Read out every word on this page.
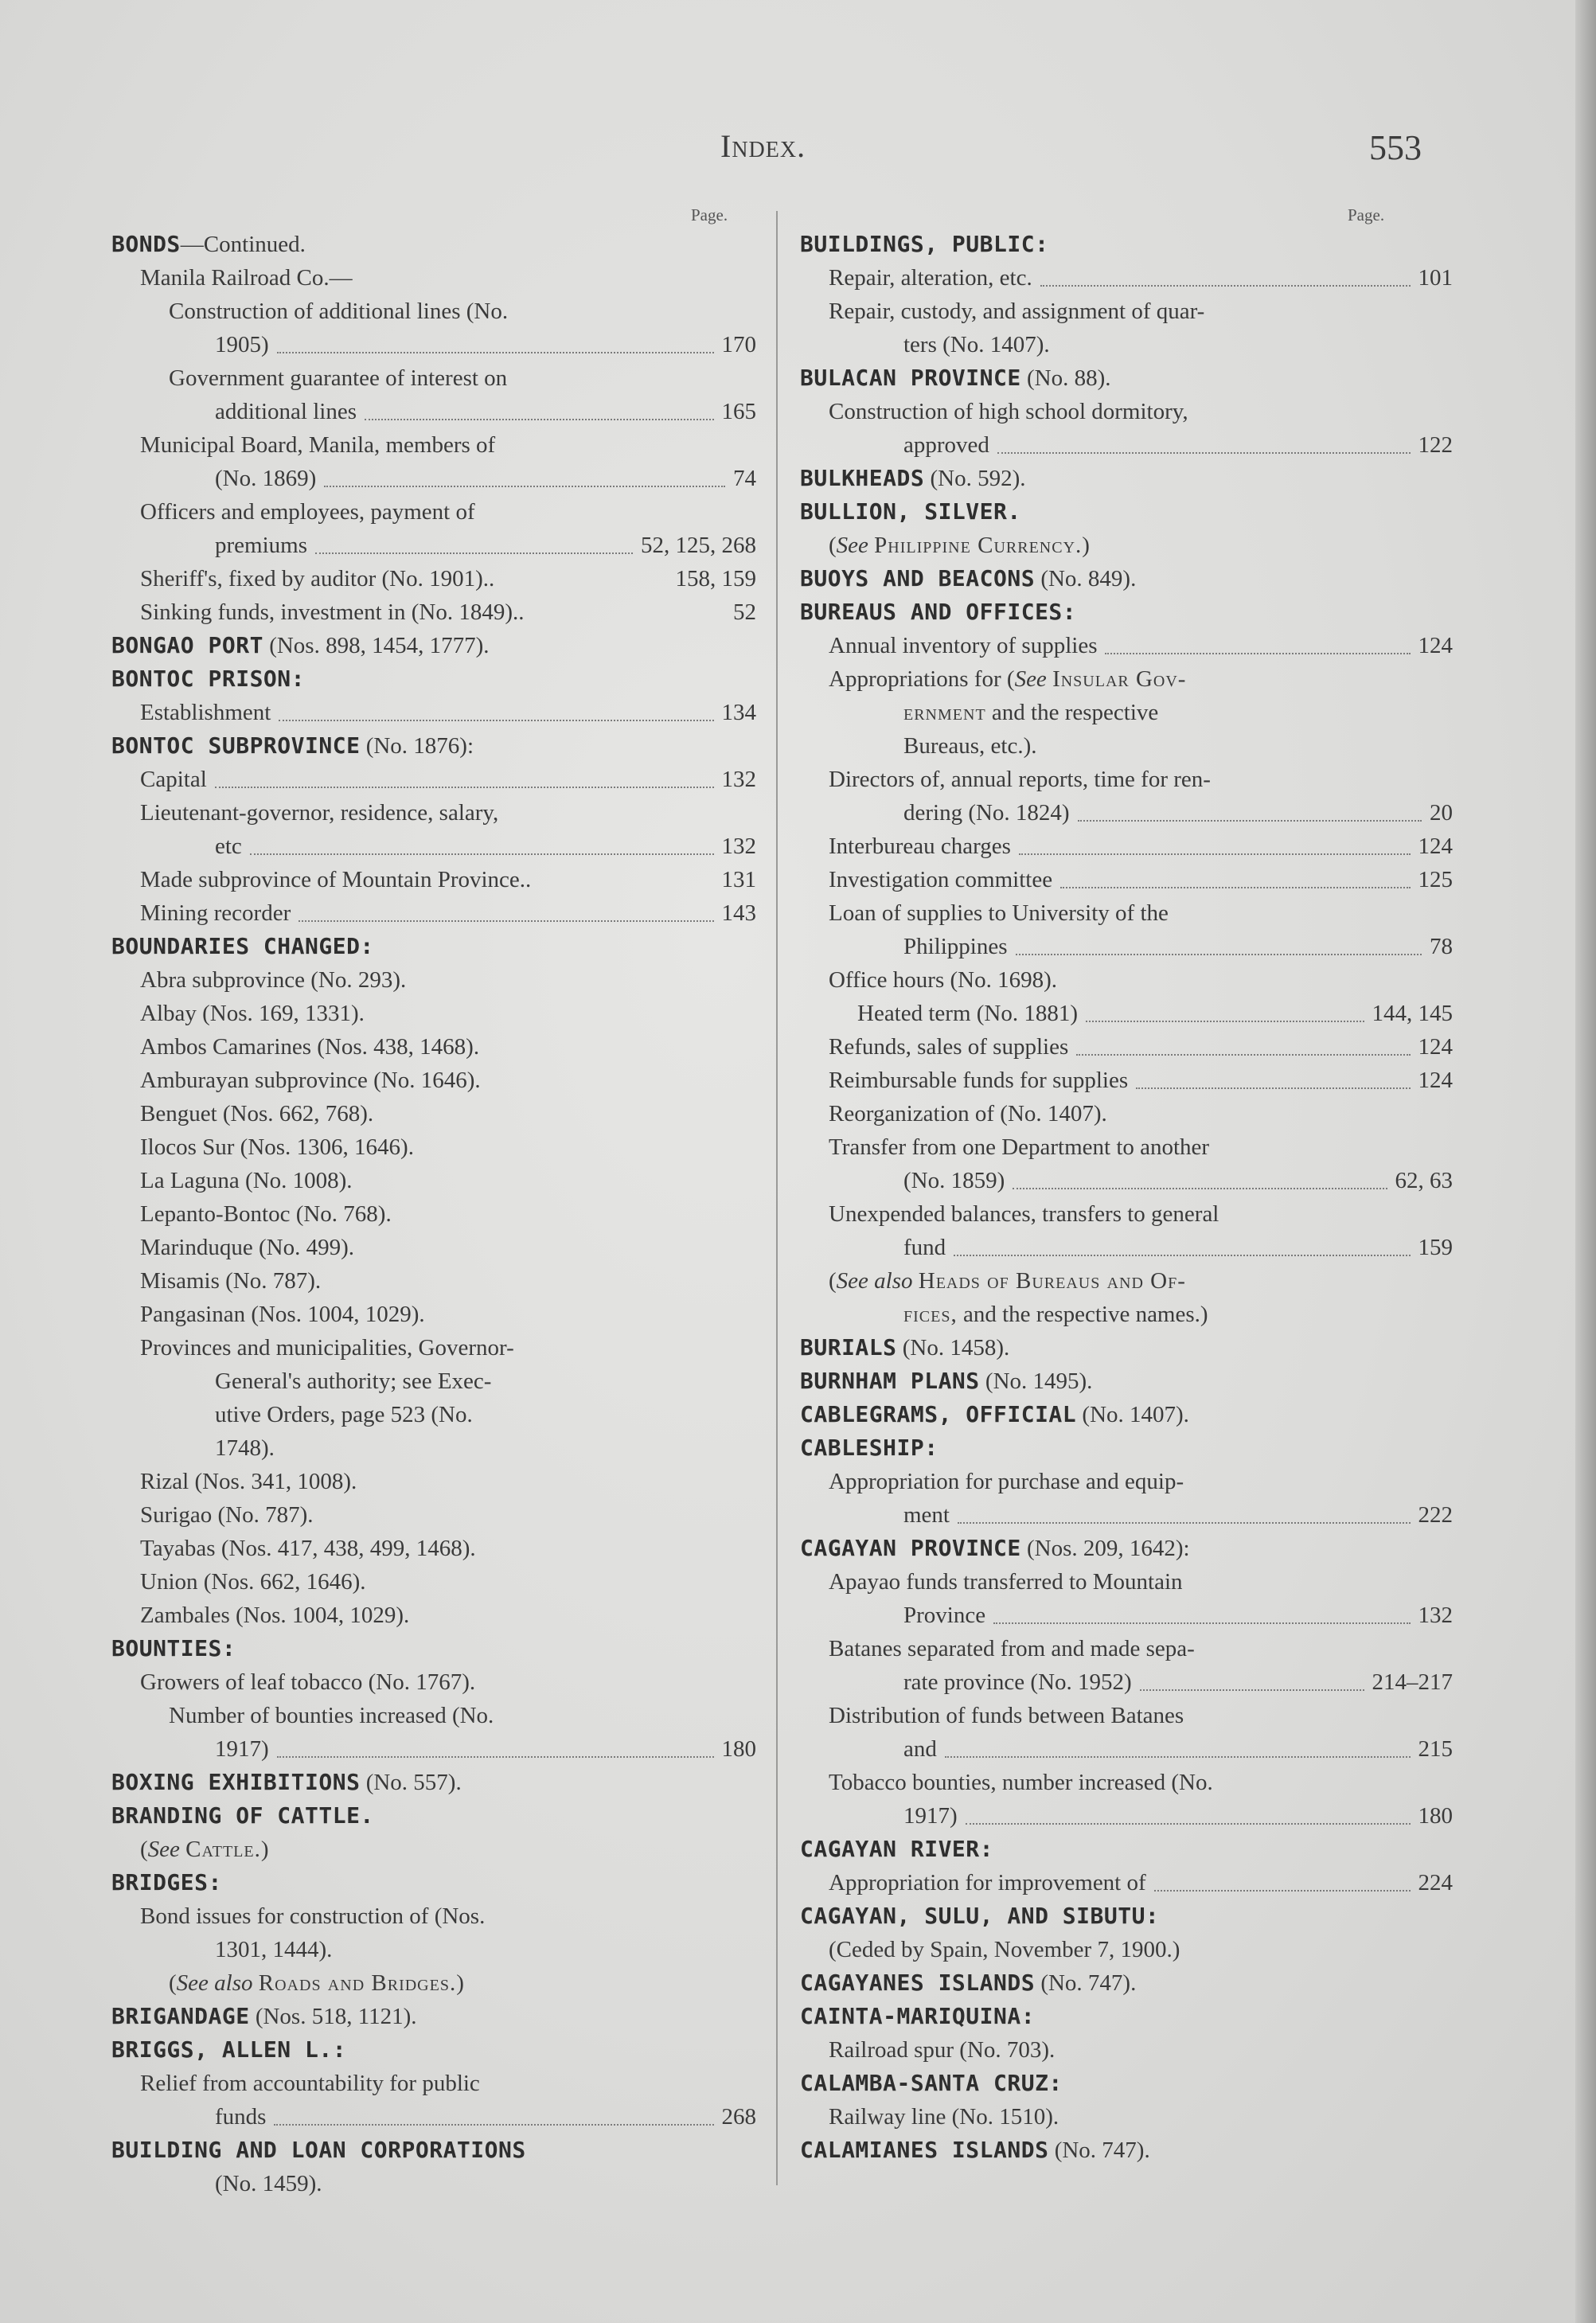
Index.	553
Page.	Page.
BONDS—Continued.
Manila Railroad Co.—
Construction of additional lines (No.
1905)	170
Government guarantee of interest on
additional lines	165
Municipal Board, Manila, members of
(No. 1869)	74
Officers and employees, payment of
premiums	52, 125, 268
Sheriff's, fixed by auditor (No. 1901)..	158, 159
Sinking funds, investment in (No. 1849)..	52
BONGAO PORT (Nos. 898, 1454, 1777).
BONTOC PRISON:
Establishment	134
BONTOC SUBPROVINCE (No. 1876):
Capital	132
Lieutenant-governor, residence, salary,
etc	132
Made subprovince of Mountain Province..	131
Mining recorder	143
BOUNDARIES CHANGED:
Abra subprovince (No. 293).
Albay (Nos. 169, 1331).
Ambos Camarines (Nos. 438, 1468).
Amburayan subprovince (No. 1646).
Benguet (Nos. 662, 768).
Ilocos Sur (Nos. 1306, 1646).
La Laguna (No. 1008).
Lepanto-Bontoc (No. 768).
Marinduque (No. 499).
Misamis (No. 787).
Pangasinan (Nos. 1004, 1029).
Provinces and municipalities, Governor-
General's authority; see Exec-
utive Orders, page 523 (No.
1748).
Rizal (Nos. 341, 1008).
Surigao (No. 787).
Tayabas (Nos. 417, 438, 499, 1468).
Union (Nos. 662, 1646).
Zambales (Nos. 1004, 1029).
BOUNTIES:
Growers of leaf tobacco (No. 1767).
Number of bounties increased (No.
1917)	180
BOXING EXHIBITIONS (No. 557).
BRANDING OF CATTLE.
(See Cattle.)
BRIDGES:
Bond issues for construction of (Nos.
1301, 1444).
(See also Roads and Bridges.)
BRIGANDAGE (Nos. 518, 1121).
BRIGGS, ALLEN L.:
Relief from accountability for public
funds	268
BUILDING AND LOAN CORPORATIONS
(No. 1459).
BUILDINGS, PUBLIC:
Repair, alteration, etc.	101
Repair, custody, and assignment of quar-
ters (No. 1407).
BULACAN PROVINCE (No. 88).
Construction of high school dormitory,
approved	122
BULKHEADS (No. 592).
BULLION, SILVER.
(See Philippine Currency.)
BUOYS AND BEACONS (No. 849).
BUREAUS AND OFFICES:
Annual inventory of supplies	124
Appropriations for (See Insular Gov-
ernment and the respective
Bureaus, etc.).
Directors of, annual reports, time for ren-
dering (No. 1824)	20
Interbureau charges	124
Investigation committee	125
Loan of supplies to University of the
Philippines	78
Office hours (No. 1698).
Heated term (No. 1881)	144, 145
Refunds, sales of supplies	124
Reimbursable funds for supplies	124
Reorganization of (No. 1407).
Transfer from one Department to another
(No. 1859)	62, 63
Unexpended balances, transfers to general
fund	159
(See also Heads of Bureaus and Of-
fices, and the respective names.)
BURIALS (No. 1458).
BURNHAM PLANS (No. 1495).
CABLEGRAMS, OFFICIAL (No. 1407).
CABLESHIP:
Appropriation for purchase and equip-
ment	222
CAGAYAN PROVINCE (Nos. 209, 1642):
Apayao funds transferred to Mountain
Province	132
Batanes separated from and made sepa-
rate province (No. 1952)	214–217
Distribution of funds between Batanes
and	215
Tobacco bounties, number increased (No.
1917)	180
CAGAYAN RIVER:
Appropriation for improvement of	224
CAGAYAN, SULU, AND SIBUTU:
(Ceded by Spain, November 7, 1900.)
CAGAYANES ISLANDS (No. 747).
CAINTA-MARIQUINA:
Railroad spur (No. 703).
CALAMBA-SANTA CRUZ:
Railway line (No. 1510).
CALAMIANES ISLANDS (No. 747).
